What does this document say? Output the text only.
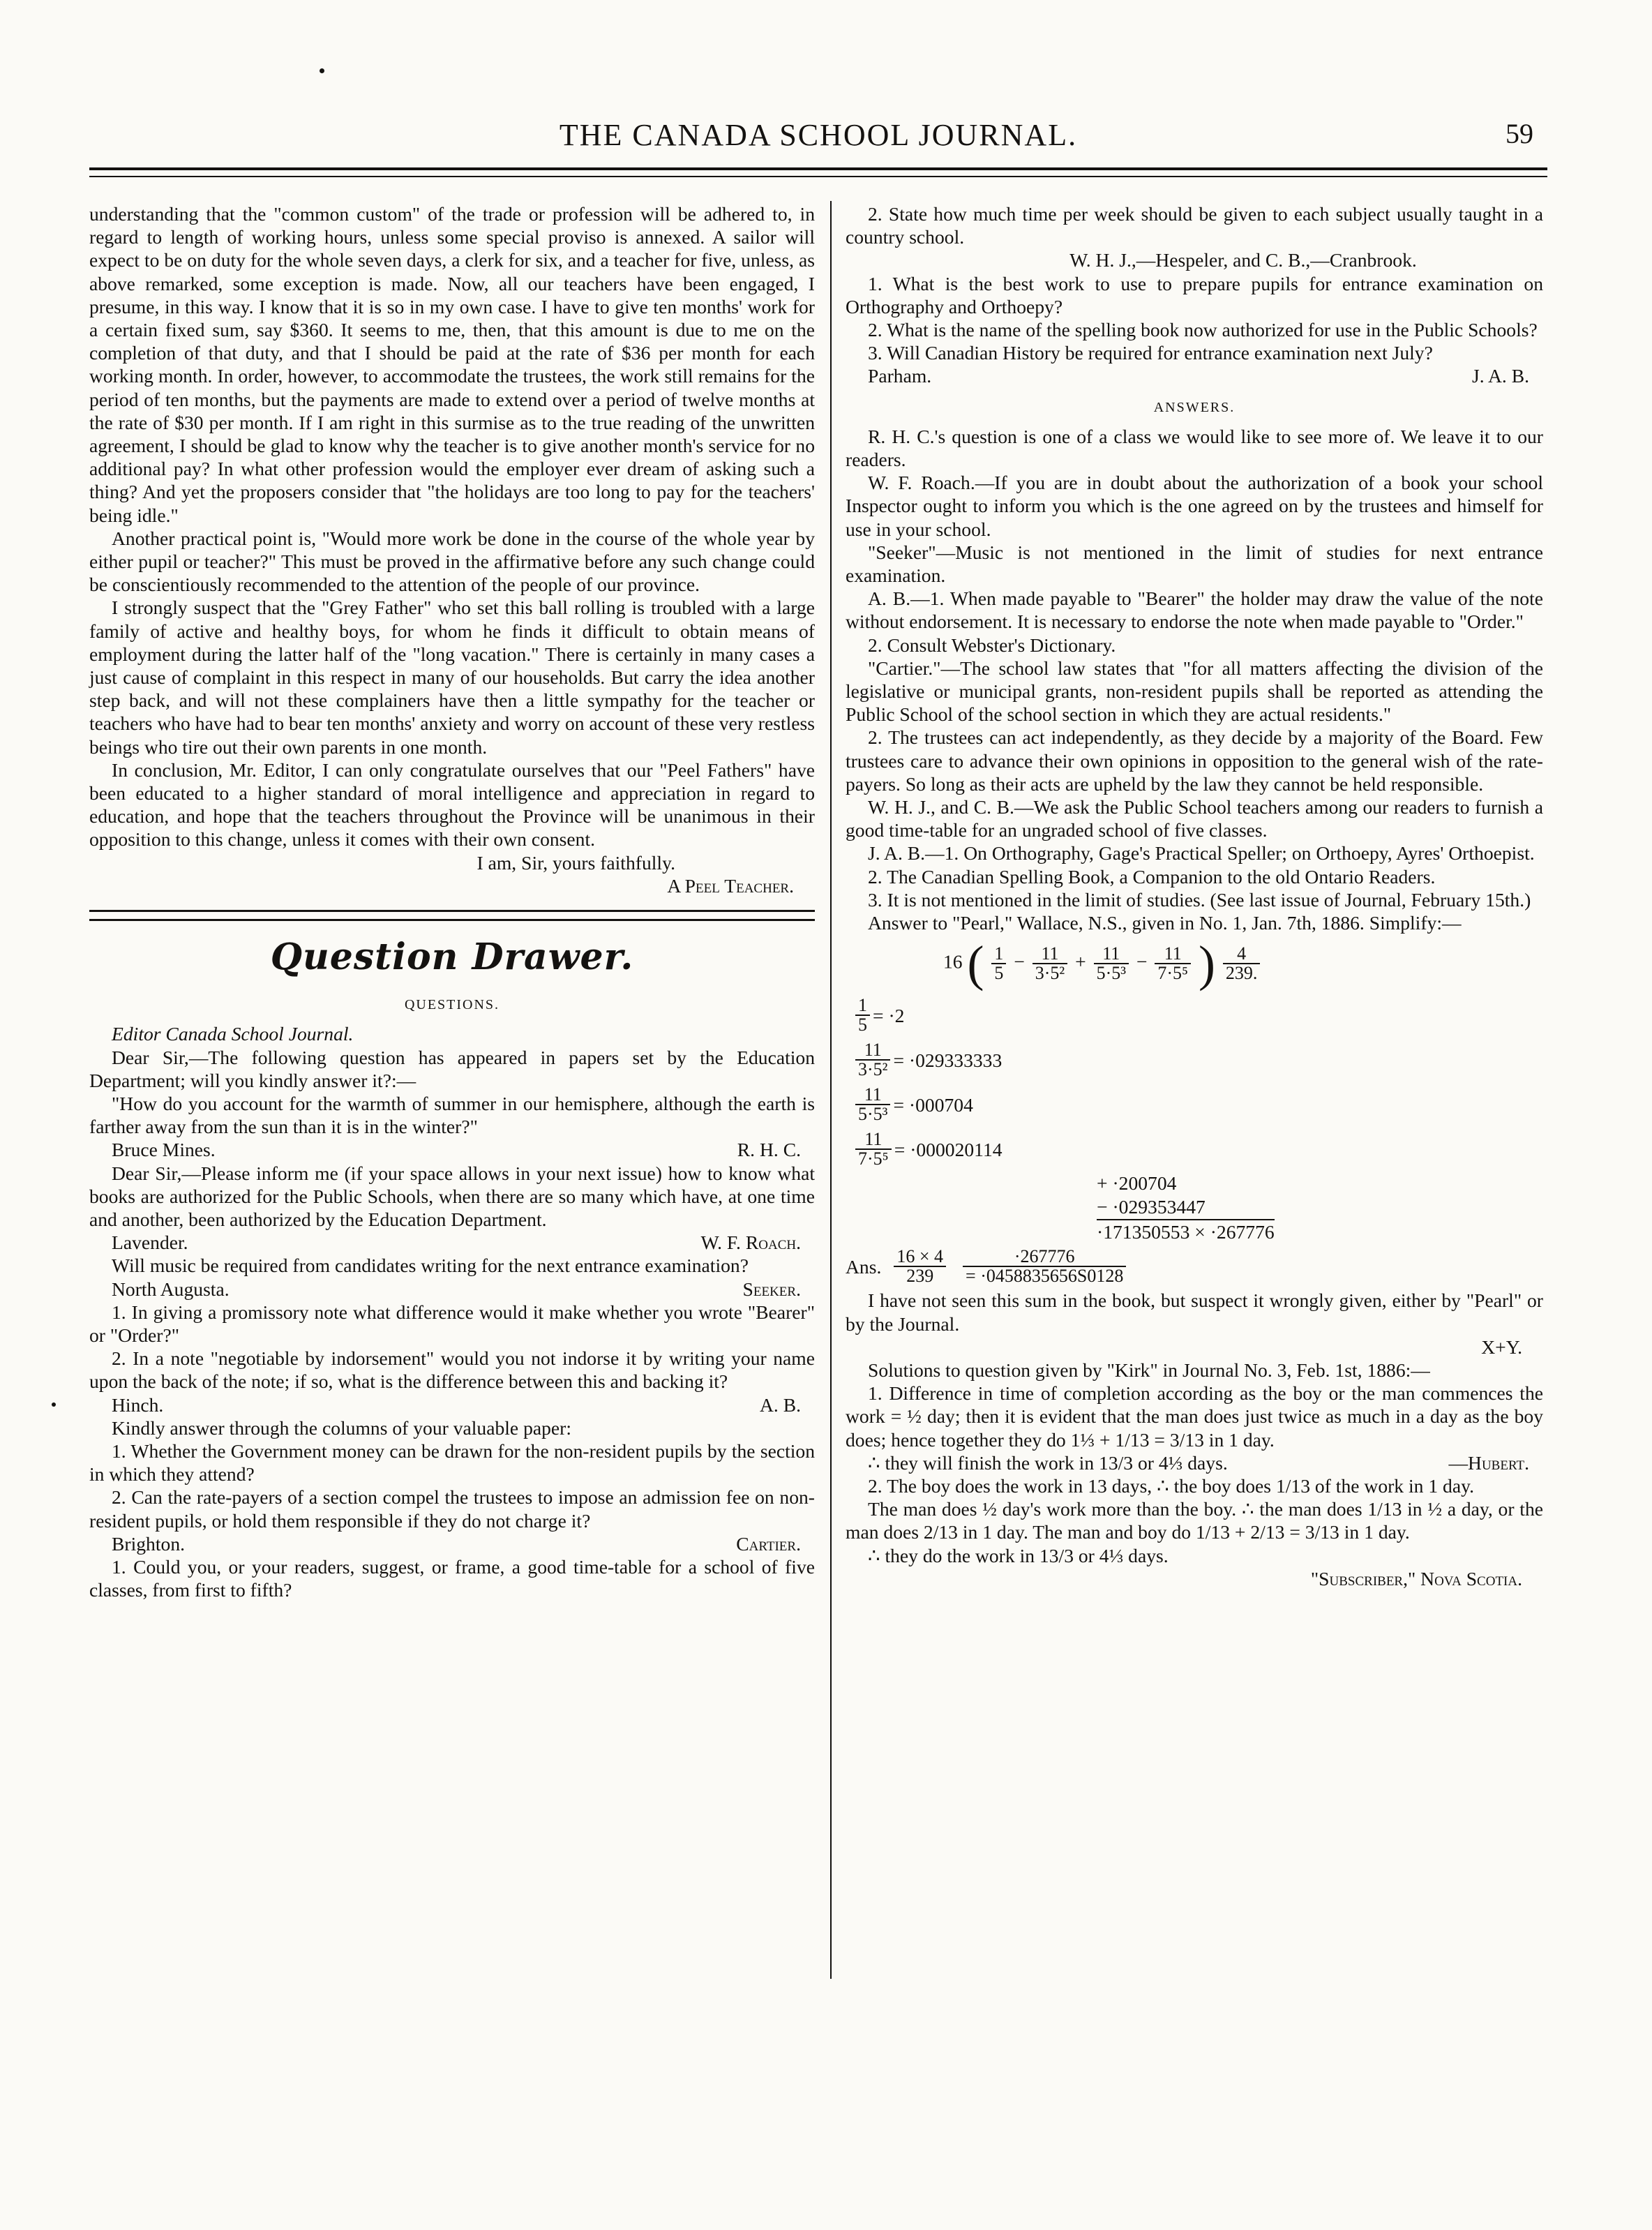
THE CANADA SCHOOL JOURNAL.	59

understanding that the "common custom" of the trade or profession will be adhered to, in regard to length of working hours, unless some special proviso is annexed. A sailor will expect to be on duty for the whole seven days, a clerk for six, and a teacher for five, unless, as above remarked, some exception is made. Now, all our teachers have been engaged, I presume, in this way. I know that it is so in my own case. I have to give ten months' work for a certain fixed sum, say $360. It seems to me, then, that this amount is due to me on the completion of that duty, and that I should be paid at the rate of $36 per month for each working month. In order, however, to accommodate the trustees, the work still remains for the period of ten months, but the payments are made to extend over a period of twelve months at the rate of $30 per month. If I am right in this surmise as to the true reading of the unwritten agreement, I should be glad to know why the teacher is to give another month's service for no additional pay? In what other profession would the employer ever dream of asking such a thing? And yet the proposers consider that "the holidays are too long to pay for the teachers' being idle."

Another practical point is, "Would more work be done in the course of the whole year by either pupil or teacher?" This must be proved in the affirmative before any such change could be conscientiously recommended to the attention of the people of our province.

I strongly suspect that the "Grey Father" who set this ball rolling is troubled with a large family of active and healthy boys, for whom he finds it difficult to obtain means of employment during the latter half of the "long vacation." There is certainly in many cases a just cause of complaint in this respect in many of our households. But carry the idea another step back, and will not these complainers have then a little sympathy for the teacher or teachers who have had to bear ten months' anxiety and worry on account of these very restless beings who tire out their own parents in one month.

In conclusion, Mr. Editor, I can only congratulate ourselves that our "Peel Fathers" have been educated to a higher standard of moral intelligence and appreciation in regard to education, and hope that the teachers throughout the Province will be unanimous in their opposition to this change, unless it comes with their own consent.

I am, Sir, yours faithfully.
A Peel Teacher.
Question Drawer.
QUESTIONS.

Editor Canada School Journal.

Dear Sir,—The following question has appeared in papers set by the Education Department; will you kindly answer it?:—

"How do you account for the warmth of summer in our hemisphere, although the earth is farther away from the sun than it is in the winter?"

Bruce Mines.	R. H. C.

Dear Sir,—Please inform me (if your space allows in your next issue) how to know what books are authorized for the Public Schools, when there are so many which have, at one time and another, been authorized by the Education Department.

Lavender.	W. F. Roach.

Will music be required from candidates writing for the next entrance examination?

North Augusta.	Seeker.

1. In giving a promissory note what difference would it make whether you wrote "Bearer" or "Order?"

2. In a note "negotiable by indorsement" would you not indorse it by writing your name upon the back of the note; if so, what is the difference between this and backing it?

Hinch.	A. B.

Kindly answer through the columns of your valuable paper:

1. Whether the Government money can be drawn for the non-resident pupils by the section in which they attend?

2. Can the rate-payers of a section compel the trustees to impose an admission fee on non-resident pupils, or hold them responsible if they do not charge it?

Brighton.	Cartier.

1. Could you, or your readers, suggest, or frame, a good time-table for a school of five classes, from first to fifth?

2. State how much time per week should be given to each subject usually taught in a country school.

W. H. J.,—Hespeler, and C. B.,—Cranbrook.

1. What is the best work to use to prepare pupils for entrance examination on Orthography and Orthoepy?

2. What is the name of the spelling book now authorized for use in the Public Schools?

3. Will Canadian History be required for entrance examination next July?

Parham.	J. A. B.
ANSWERS.

R. H. C.'s question is one of a class we would like to see more of. We leave it to our readers.

W. F. Roach.—If you are in doubt about the authorization of a book your school Inspector ought to inform you which is the one agreed on by the trustees and himself for use in your school.

"Seeker"—Music is not mentioned in the limit of studies for next entrance examination.

A. B.—1. When made payable to "Bearer" the holder may draw the value of the note without endorsement. It is necessary to endorse the note when made payable to "Order."

2. Consult Webster's Dictionary.

"Cartier."—The school law states that "for all matters affecting the division of the legislative or municipal grants, non-resident pupils shall be reported as attending the Public School of the school section in which they are actual residents."

2. The trustees can act independently, as they decide by a majority of the Board. Few trustees care to advance their own opinions in opposition to the general wish of the rate-payers. So long as their acts are upheld by the law they cannot be held responsible.

W. H. J., and C. B.—We ask the Public School teachers among our readers to furnish a good time-table for an ungraded school of five classes.

J. A. B.—1. On Orthography, Gage's Practical Speller; on Orthoepy, Ayres' Orthoepist.

2. The Canadian Spelling Book, a Companion to the old Ontario Readers.

3. It is not mentioned in the limit of studies. (See last issue of Journal, February 15th.)

Answer to "Pearl," Wallace, N.S., given in No. 1, Jan. 7th, 1886. Simplify:—

16 ( $\frac{1}{5} - \frac{11}{\text{3·5²}} + \frac{11}{\text{5·5³}} - \frac{11}{\text{7·5⁵}}$ ) $\frac{4}{239.}$
$\frac{1}{5} = \cdot 2$
$\frac{11}{\text{3·5²}} = \cdot 029333333$
$\frac{11}{\text{5·5³}} = \cdot 000704$
$\frac{11}{\text{7·5⁵}} = \cdot 000020114$
+ ·200704
− ·029353447
·171350553 × ·267776
Ans. $\frac{16 \times 4}{239} \frac{\cdot 267776}{= \cdot 0458835656S0128}$

I have not seen this sum in the book, but suspect it wrongly given, either by "Pearl" or by the Journal.

X+Y.

Solutions to question given by "Kirk" in Journal No. 3, Feb. 1st, 1886:—

1. Difference in time of completion according as the boy or the man commences the work = ½ day; then it is evident that the man does just twice as much in a day as the boy does; hence together they do 1⅓ + 1/13 = 3/13 in 1 day.

∴ they will finish the work in 13/3 or 4⅓ days.	—Hubert.

2. The boy does the work in 13 days, ∴ the boy does 1/13 of the work in 1 day.

The man does ½ day's work more than the boy. ∴ the man does 1/13 in ½ a day, or the man does 2/13 in 1 day. The man and boy do 1/13 + 2/13 = 3/13 in 1 day.

∴ they do the work in 13/3 or 4⅓ days.

"Subscriber," Nova Scotia.
